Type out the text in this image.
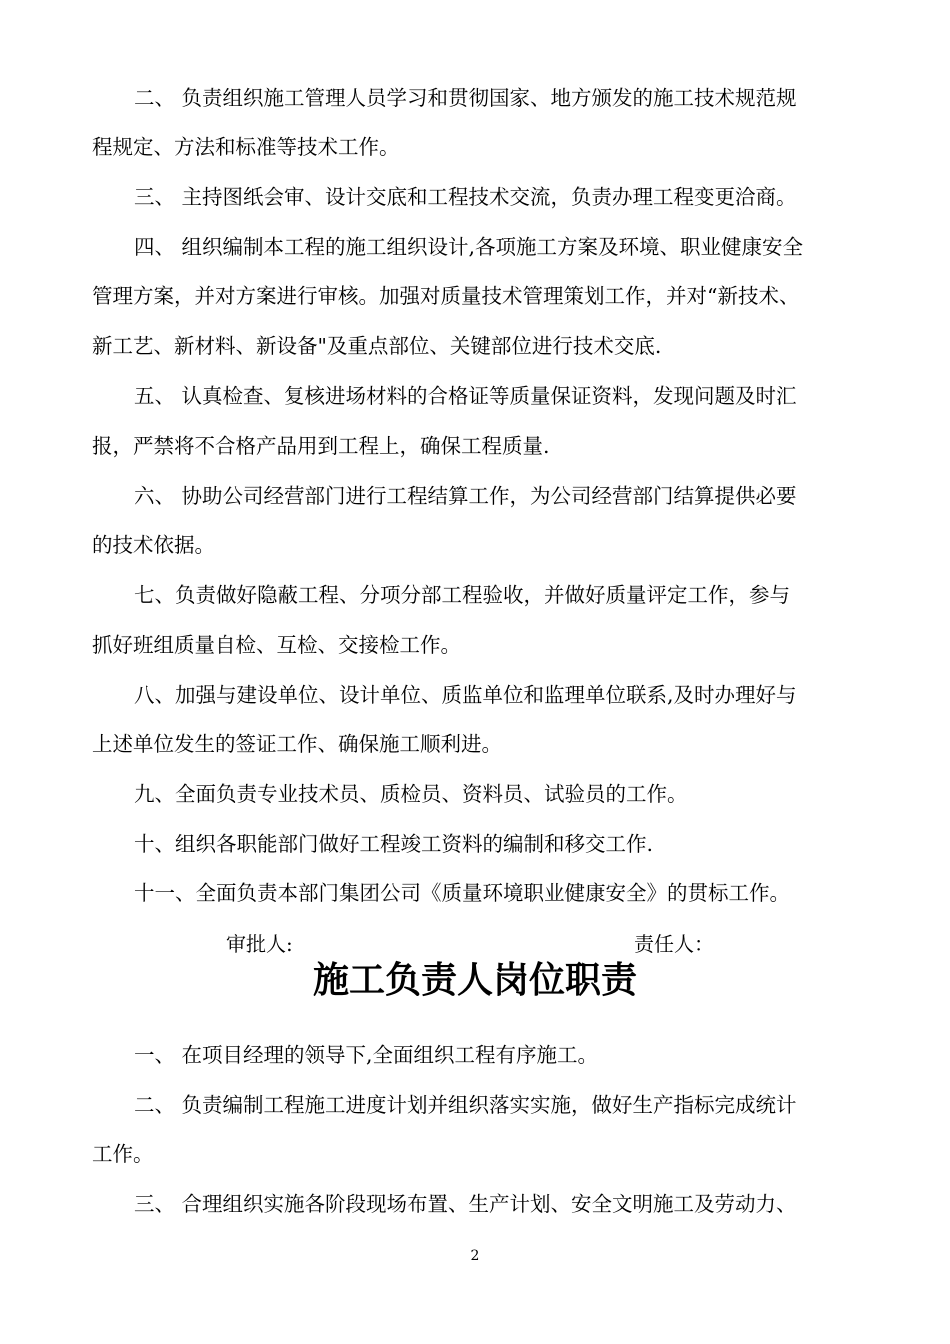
二、 负责组织施工管理人员学习和贯彻国家、地方颁发的施工技术规范规
程规定、方法和标准等技术工作。
三、 主持图纸会审、设计交底和工程技术交流，负责办理工程变更洽商。
四、 组织编制本工程的施工组织设计,各项施工方案及环境、职业健康安全
管理方案，并对方案进行审核。加强对质量技术管理策划工作，并对“新技术、
新工艺、新材料、新设备"及重点部位、关键部位进行技术交底.
五、 认真检查、复核进场材料的合格证等质量保证资料，发现问题及时汇
报，严禁将不合格产品用到工程上，确保工程质量.
六、 协助公司经营部门进行工程结算工作，为公司经营部门结算提供必要
的技术依据。
七、负责做好隐蔽工程、分项分部工程验收，并做好质量评定工作，参与
抓好班组质量自检、互检、交接检工作。
八、加强与建设单位、设计单位、质监单位和监理单位联系,及时办理好与
上述单位发生的签证工作、确保施工顺利进。
九、全面负责专业技术员、质检员、资料员、试验员的工作。
十、组织各职能部门做好工程竣工资料的编制和移交工作.
十一、全面负责本部门集团公司《质量环境职业健康安全》的贯标工作。
审批人:	责任人：
施工负责人岗位职责
一、 在项目经理的领导下,全面组织工程有序施工。
二、 负责编制工程施工进度计划并组织落实实施，做好生产指标完成统计
工作。
三、 合理组织实施各阶段现场布置、生产计划、安全文明施工及劳动力、
2
